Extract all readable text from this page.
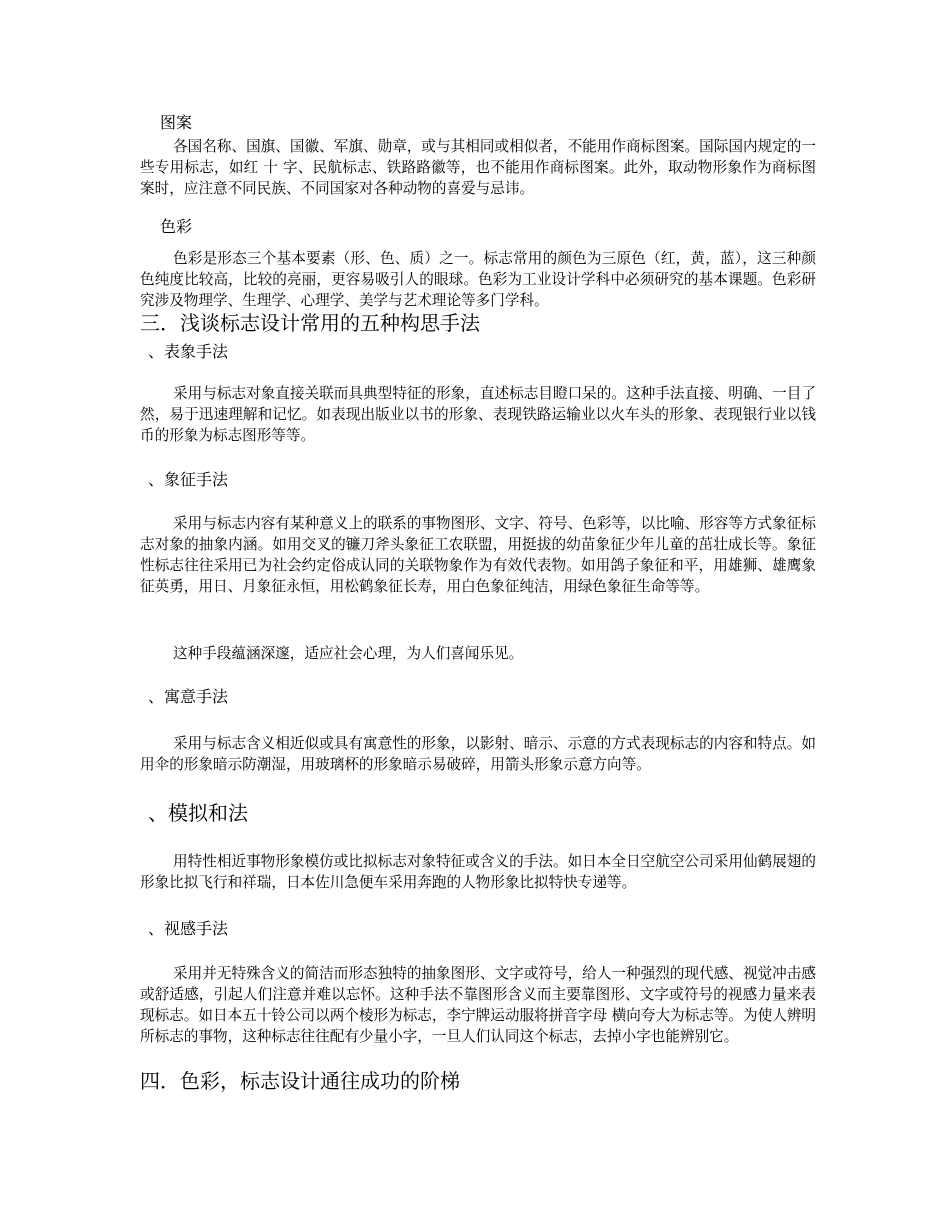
图案

各国名称、国旗、国徽、军旗、勋章，或与其相同或相似者，不能用作商标图案。国际国内规定的一些专用标志，如红 十 字、民航标志、铁路路徽等，也不能用作商标图案。此外，取动物形象作为商标图案时，应注意不同民族、不同国家对各种动物的喜爱与忌讳。

色彩

色彩是形态三个基本要素（形、色、质）之一。标志常用的颜色为三原色（红，黄，蓝），这三种颜色纯度比较高，比较的亮丽，更容易吸引人的眼球。色彩为工业设计学科中必须研究的基本课题。色彩研究涉及物理学、生理学、心理学、美学与艺术理论等多门学科。

三．浅谈标志设计常用的五种构思手法
、表象手法

采用与标志对象直接关联而具典型特征的形象，直述标志目瞪口呆的。这种手法直接、明确、一目了然，易于迅速理解和记忆。如表现出版业以书的形象、表现铁路运输业以火车头的形象、表现银行业以钱币的形象为标志图形等等。

、象征手法

采用与标志内容有某种意义上的联系的事物图形、文字、符号、色彩等，以比喻、形容等方式象征标志对象的抽象内涵。如用交叉的镰刀斧头象征工农联盟，用挺拔的幼苗象征少年儿童的茁壮成长等。象征性标志往往采用已为社会约定俗成认同的关联物象作为有效代表物。如用鸽子象征和平，用雄狮、雄鹰象征英勇，用日、月象征永恒，用松鹤象征长寿，用白色象征纯洁，用绿色象征生命等等。

这种手段蕴涵深邃，适应社会心理，为人们喜闻乐见。

、寓意手法

采用与标志含义相近似或具有寓意性的形象，以影射、暗示、示意的方式表现标志的内容和特点。如用伞的形象暗示防潮湿，用玻璃杯的形象暗示易破碎，用箭头形象示意方向等。

、模拟和法

用特性相近事物形象模仿或比拟标志对象特征或含义的手法。如日本全日空航空公司采用仙鹤展翅的形象比拟飞行和祥瑞，日本佐川急便车采用奔跑的人物形象比拟特快专递等。

、视感手法

采用并无特殊含义的简洁而形态独特的抽象图形、文字或符号，给人一种强烈的现代感、视觉冲击感或舒适感，引起人们注意并难以忘怀。这种手法不靠图形含义而主要靠图形、文字或符号的视感力量来表现标志。如日本五十铃公司以两个棱形为标志，李宁牌运动服将拼音字母 横向夸大为标志等。为使人辨明所标志的事物，这种标志往往配有少量小字，一旦人们认同这个标志，去掉小字也能辨别它。

四．色彩，标志设计通往成功的阶梯
